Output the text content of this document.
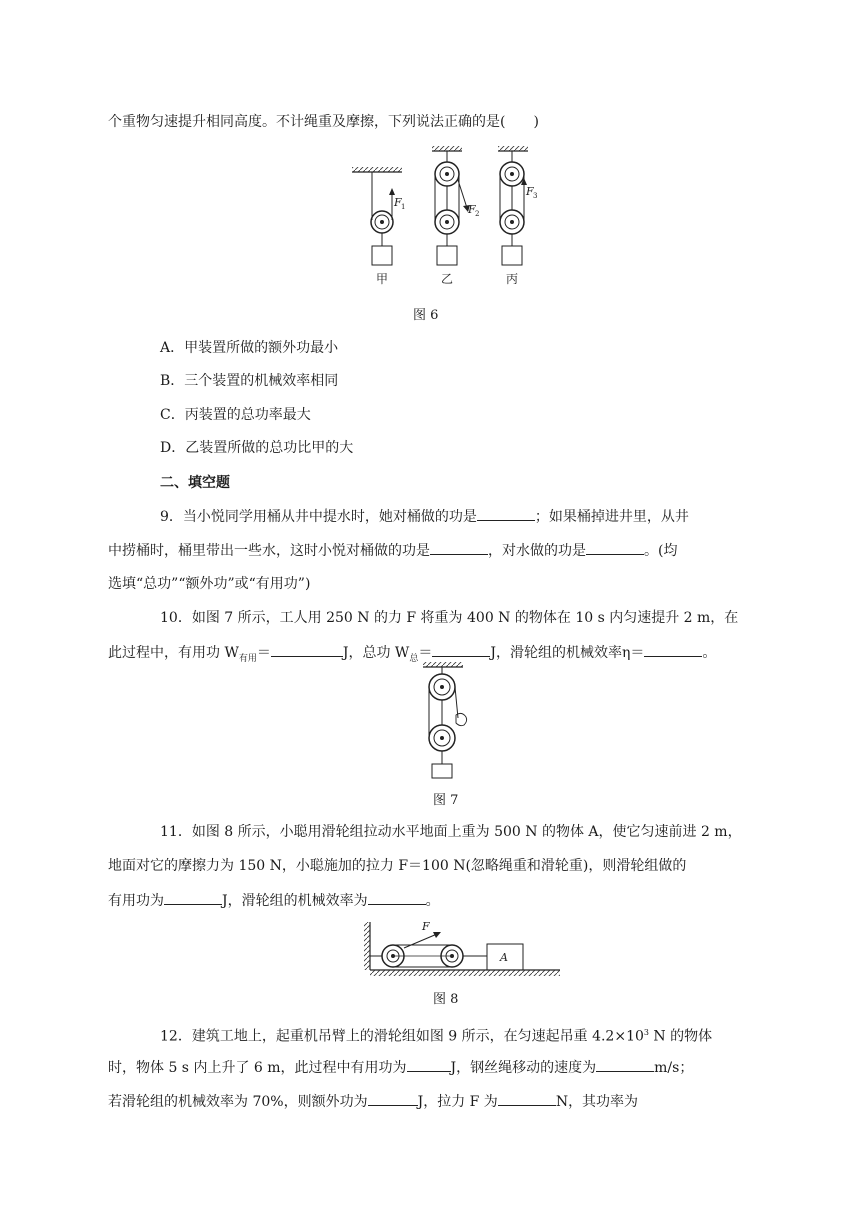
个重物匀速提升相同高度。不计绳重及摩擦，下列说法正确的是(　　)
F 1	F 2
F 3
甲	乙	丙
图 6
A．甲装置所做的额外功最小
B．三个装置的机械效率相同
C．丙装置的总功率最大
D．乙装置所做的总功比甲的大
二、填空题
9．当小悦同学用桶从井中提水时，她对桶做的功是	；如果桶掉进井里，从井
中捞桶时，桶里带出一些水，这时小悦对桶做的功是	，对水做的功是	。(均
选填“总功”“额外功”或“有用功”)
10．如图 7 所示，工人用 250 N 的力 F 将重为 400 N 的物体在 10 s 内匀速提升 2 m，在
此过程中，有用功 $W_{有用}=$	J，总功 $W_总=$	J，滑轮组的机械效率η＝	。
图 7
11．如图 8 所示，小聪用滑轮组拉动水平地面上重为 500 N 的物体 A，使它匀速前进 2 m，
地面对它的摩擦力为 150 N，小聪施加的拉力 F＝100 N(忽略绳重和滑轮重)，则滑轮组做的
有用功为	J，滑轮组的机械效率为	。
F
A
图 8
12．建筑工地上，起重机吊臂上的滑轮组如图 9 所示，在匀速起吊重 $4.2\times 10^3$ N 的物体
时，物体 5 s 内上升了 6 m，此过程中有用功为	J，钢丝绳移动的速度为	m/s；
若滑轮组的机械效率为 70%，则额外功为	J，拉力 F 为	N，其功率为
